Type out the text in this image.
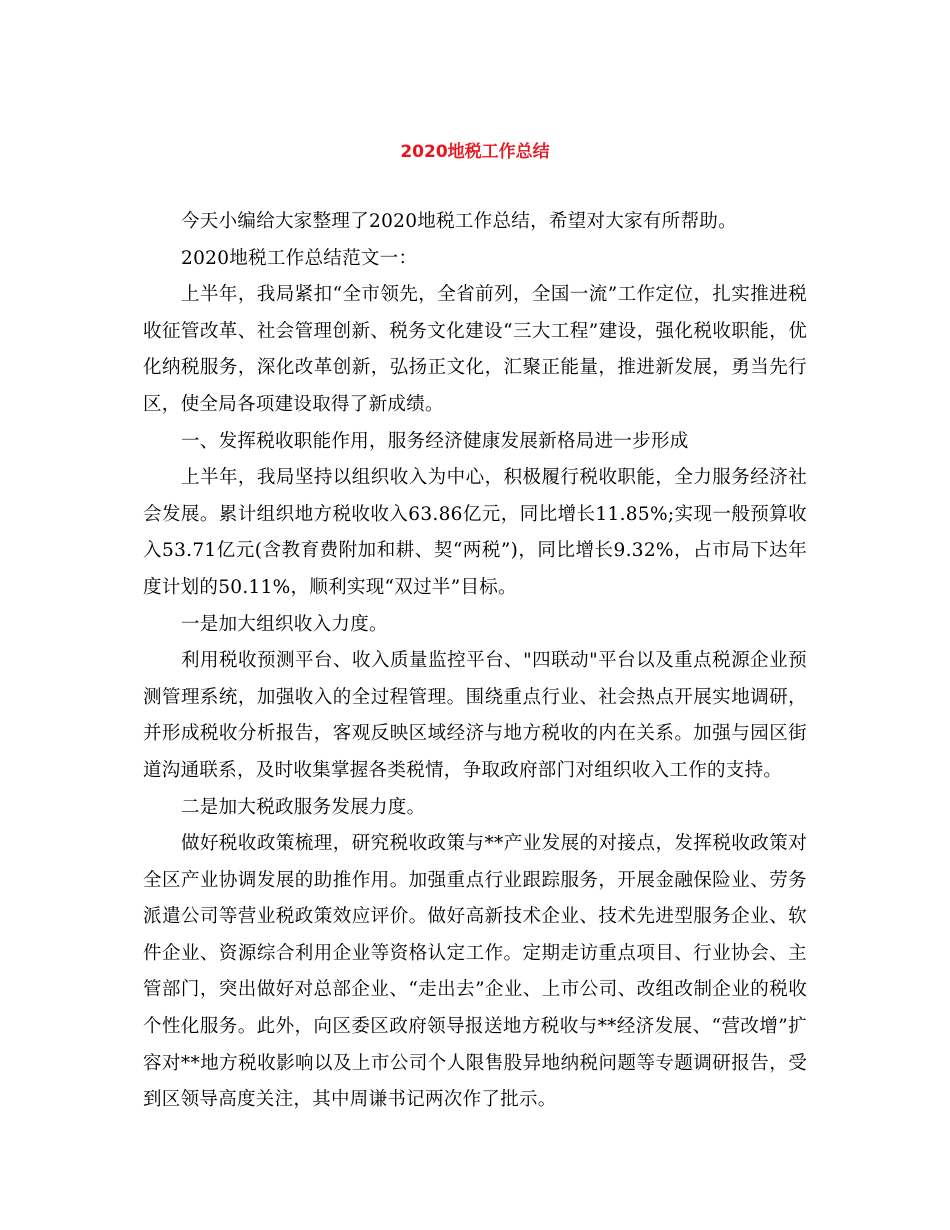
2020地税工作总结

今天小编给大家整理了2020地税工作总结，希望对大家有所帮助。

2020地税工作总结范文一：

上半年，我局紧扣“全市领先，全省前列，全国一流”工作定位，扎实推进税收征管改革、社会管理创新、税务文化建设“三大工程”建设，强化税收职能，优化纳税服务，深化改革创新，弘扬正文化，汇聚正能量，推进新发展，勇当先行区，使全局各项建设取得了新成绩。

一、发挥税收职能作用，服务经济健康发展新格局进一步形成

上半年，我局坚持以组织收入为中心，积极履行税收职能，全力服务经济社会发展。累计组织地方税收收入63.86亿元，同比增长11.85%;实现一般预算收入53.71亿元(含教育费附加和耕、契“两税”)，同比增长9.32%，占市局下达年度计划的50.11%，顺利实现“双过半”目标。

一是加大组织收入力度。

利用税收预测平台、收入质量监控平台、"四联动"平台以及重点税源企业预测管理系统，加强收入的全过程管理。围绕重点行业、社会热点开展实地调研，并形成税收分析报告，客观反映区域经济与地方税收的内在关系。加强与园区街道沟通联系，及时收集掌握各类税情，争取政府部门对组织收入工作的支持。

二是加大税政服务发展力度。

做好税收政策梳理，研究税收政策与**产业发展的对接点，发挥税收政策对全区产业协调发展的助推作用。加强重点行业跟踪服务，开展金融保险业、劳务派遣公司等营业税政策效应评价。做好高新技术企业、技术先进型服务企业、软件企业、资源综合利用企业等资格认定工作。定期走访重点项目、行业协会、主管部门，突出做好对总部企业、“走出去”企业、上市公司、改组改制企业的税收个性化服务。此外，向区委区政府领导报送地方税收与**经济发展、“营改增”扩容对**地方税收影响以及上市公司个人限售股异地纳税问题等专题调研报告，受到区领导高度关注，其中周谦书记两次作了批示。
